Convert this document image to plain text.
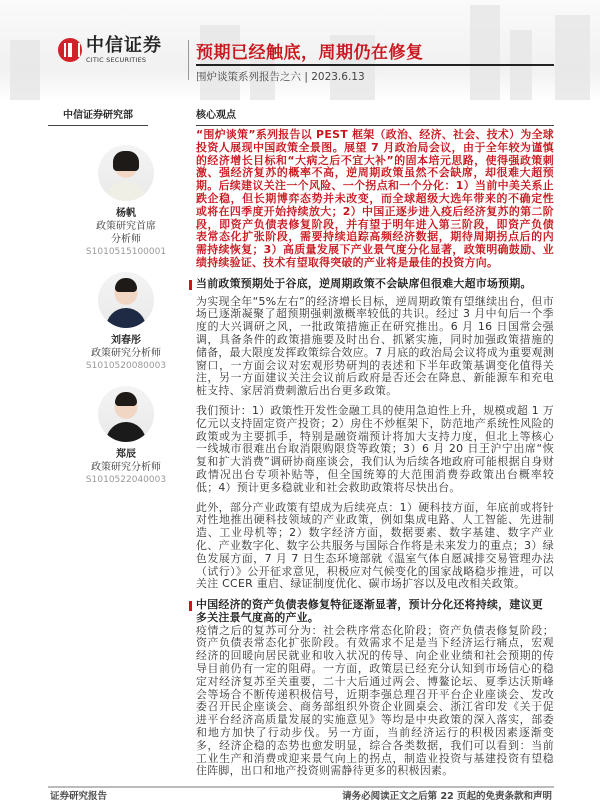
中信证券
CITIC SECURITIES	预期已经触底，周期仍在修复
围炉谈策系列报告之六 | 2023.6.13
中信证券研究部	核心观点
杨帆
政策研究首席
分析师
S1010515100001
刘春彤
政策研究分析师
S1010520080003
郑辰
政策研究分析师
S1010522040003
“围炉谈策”系列报告以 PEST 框架（政治、经济、社会、技术）为全球投资人展现中国政策全景图。展望 7 月政治局会议，由于全年较为谨慎的经济增长目标和“大病之后不宜大补”的固本培元思路，使得强政策刺激、强经济复苏的概率不高，逆周期政策虽然不会缺席，却很难大超预期。后续建议关注一个风险、一个拐点和一个分化：1）当前中美关系止跌企稳，但长期博弈态势并未改变，而全球超级大选年带来的不确定性或将在四季度开始持续放大；2）中国正逐步进入疫后经济复苏的第二阶段，即资产负债表修复阶段，并有望于明年进入第三阶段，即资产负债表常态化扩张阶段，需要持续追踪高频经济数据，期待周期拐点后的内需持续恢复；3）高质量发展下产业景气度分化显著，政策明确鼓励、业绩持续验证、技术有望取得突破的产业将是最佳的投资方向。
当前政策预期处于谷底，逆周期政策不会缺席但很难大超市场预期。
为实现全年“5%左右”的经济增长目标，逆周期政策有望继续出台，但市场已逐渐凝聚了超预期强刺激概率较低的共识。经过 3 月中旬后一个季度的大兴调研之风，一批政策措施正在研究推出。6 月 16 日国常会强调，具备条件的政策措施要及时出台、抓紧实施，同时加强政策措施的储备，最大限度发挥政策综合效应。7 月底的政治局会议将成为重要观测窗口，一方面会议对宏观形势研判的表述和下半年政策基调变化值得关注，另一方面建议关注会议前后政府是否还会在降息、新能源车和充电桩支持、家居消费刺激后出台更多政策。
我们预计：1）政策性开发性金融工具的使用急迫性上升，规模或超 1 万亿元以支持固定资产投资；2）房住不炒框架下，防范地产系统性风险的政策或为主要抓手，特别是融资端预计将加大支持力度，但北上等核心一线城市很难出台取消限购限贷等政策；3）6 月 20 日王沪宁出席“恢复和扩大消费”调研协商座谈会，我们认为后续各地政府可能根据自身财政情况出台专项补贴等，但全国统筹的大范围消费券政策出台概率较低；4）预计更多稳就业和社会救助政策将尽快出台。
此外，部分产业政策有望成为后续亮点：1）硬科技方面，年底前或将针对性地推出硬科技领域的产业政策，例如集成电路、人工智能、先进制造、工业母机等；2）数字经济方面，数据要素、数字基建、数字产业化、产业数字化、数字公共服务与国际合作将是未来发力的重点；3）绿色发展方面，7 月 7 日生态环境部就《温室气体自愿减排交易管理办法（试行）》公开征求意见，积极应对气候变化的国家战略稳步推进，可以关注 CCER 重启、绿证制度优化、碳市场扩容以及电改相关政策。
中国经济的资产负债表修复特征逐渐显著，预计分化还将持续，建议更多关注景气度高的产业。
疫情之后的复苏可分为：社会秩序常态化阶段；资产负债表修复阶段；资产负债表常态化扩张阶段。有效需求不足是当下经济运行痛点，宏观经济的回暖向居民就业和收入状况的传导、向企业业绩和社会预期的传导目前仍有一定的阻碍。一方面，政策层已经充分认知到市场信心的稳定对经济复苏至关重要，二十大后通过两会、博鳌论坛、夏季达沃斯峰会等场合不断传递积极信号，近期李强总理召开平台企业座谈会、发改委召开民企座谈会、商务部组织外资企业圆桌会、浙江省印发《关于促进平台经济高质量发展的实施意见》等均是中央政策的深入落实，部委和地方加快了行动步伐。另一方面，当前经济运行的积极因素逐渐变多，经济企稳的态势也愈发明显，综合各类数据，我们可以看到：当前工业生产和消费或迎来景气向上的拐点，制造业投资与基建投资有望稳住阵脚，出口和地产投资则需静待更多的积极因素。
证券研究报告	请务必阅读正文之后第 22 页起的免责条款和声明
